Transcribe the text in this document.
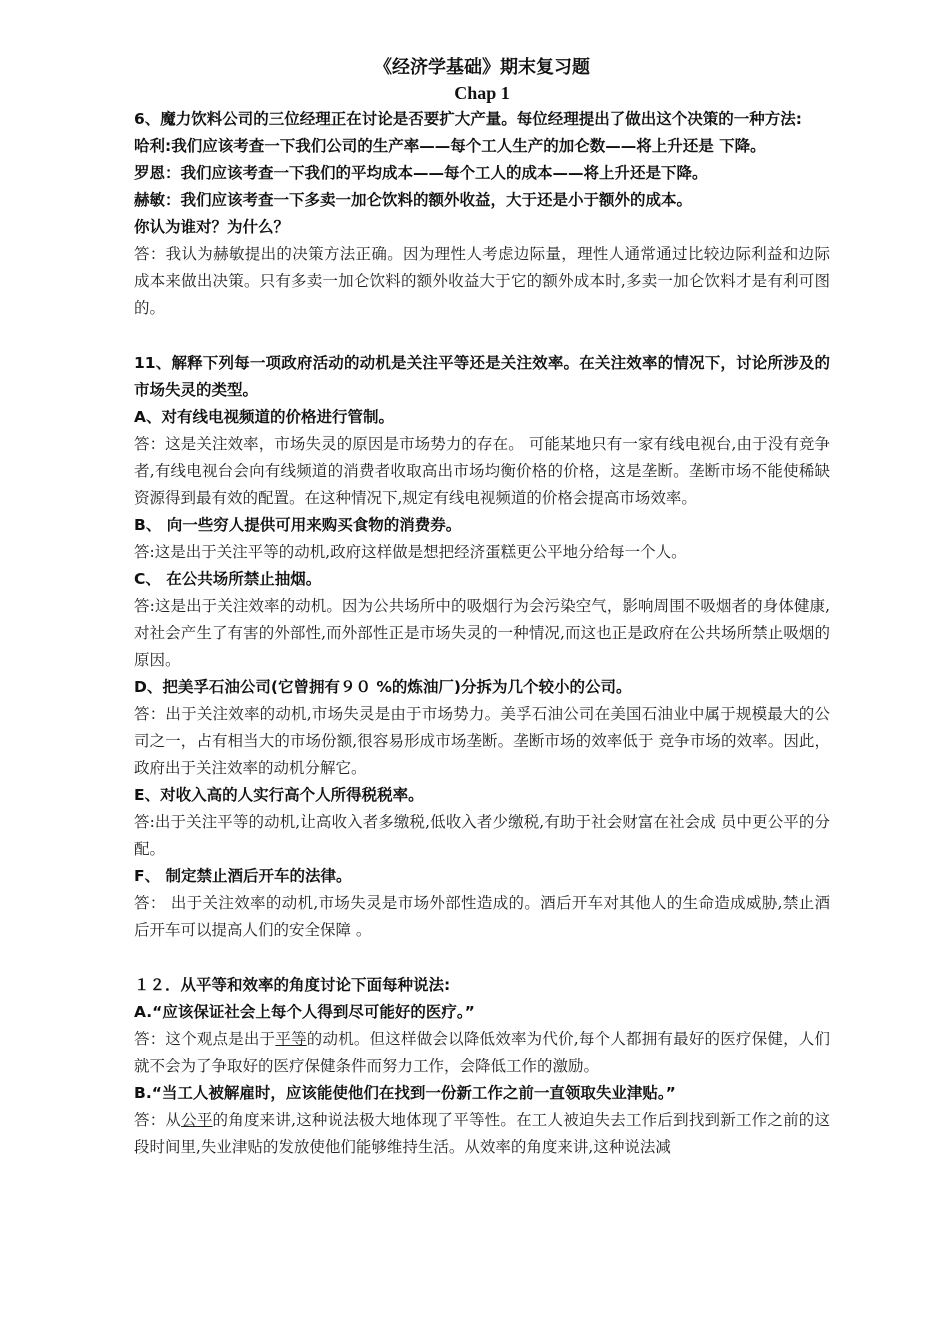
《经济学基础》期末复习题
Chap 1
6、魔力饮料公司的三位经理正在讨论是否要扩大产量。每位经理提出了做出这个决策的一种方法:
哈利:我们应该考查一下我们公司的生产率——每个工人生产的加仑数——将上升还是 下降。
罗恩：我们应该考查一下我们的平均成本——每个工人的成本——将上升还是下降。
赫敏：我们应该考查一下多卖一加仑饮料的额外收益，大于还是小于额外的成本。
你认为谁对？为什么？
答：我认为赫敏提出的决策方法正确。因为理性人考虑边际量，理性人通常通过比较边际利益和边际成本来做出决策。只有多卖一加仑饮料的额外收益大于它的额外成本时,多卖一加仑饮料才是有利可图的。
11、解释下列每一项政府活动的动机是关注平等还是关注效率。在关注效率的情况下，讨论所涉及的市场失灵的类型。
A、对有线电视频道的价格进行管制。
答：这是关注效率，市场失灵的原因是市场势力的存在。 可能某地只有一家有线电视台,由于没有竞争者,有线电视台会向有线频道的消费者收取高出市场均衡价格的价格，这是垄断。垄断市场不能使稀缺资源得到最有效的配置。在这种情况下,规定有线电视频道的价格会提高市场效率。
B、 向一些穷人提供可用来购买食物的消费券。
答:这是出于关注平等的动机,政府这样做是想把经济蛋糕更公平地分给每一个人。
C、 在公共场所禁止抽烟。
答:这是出于关注效率的动机。因为公共场所中的吸烟行为会污染空气，影响周围不吸烟者的身体健康,对社会产生了有害的外部性,而外部性正是市场失灵的一种情况,而这也正是政府在公共场所禁止吸烟的原因。
D、把美孚石油公司(它曾拥有９０ %的炼油厂)分拆为几个较小的公司。
答：出于关注效率的动机,市场失灵是由于市场势力。美孚石油公司在美国石油业中属于规模最大的公司之一，占有相当大的市场份额,很容易形成市场垄断。垄断市场的效率低于 竞争市场的效率。因此，政府出于关注效率的动机分解它。
E、对收入高的人实行高个人所得税税率。
答:出于关注平等的动机,让高收入者多缴税,低收入者少缴税,有助于社会财富在社会成 员中更公平的分配。
F、 制定禁止酒后开车的法律。
答： 出于关注效率的动机,市场失灵是市场外部性造成的。酒后开车对其他人的生命造成威胁,禁止酒后开车可以提高人们的安全保障 。
１２．从平等和效率的角度讨论下面每种说法:
A.“应该保证社会上每个人得到尽可能好的医疗。”
答：这个观点是出于平等的动机。但这样做会以降低效率为代价,每个人都拥有最好的医疗保健，人们就不会为了争取好的医疗保健条件而努力工作，会降低工作的激励。
B.“当工人被解雇时，应该能使他们在找到一份新工作之前一直领取失业津贴。”
答：从公平的角度来讲,这种说法极大地体现了平等性。在工人被迫失去工作后到找到新工作之前的这段时间里,失业津贴的发放使他们能够维持生活。从效率的角度来讲,这种说法减
